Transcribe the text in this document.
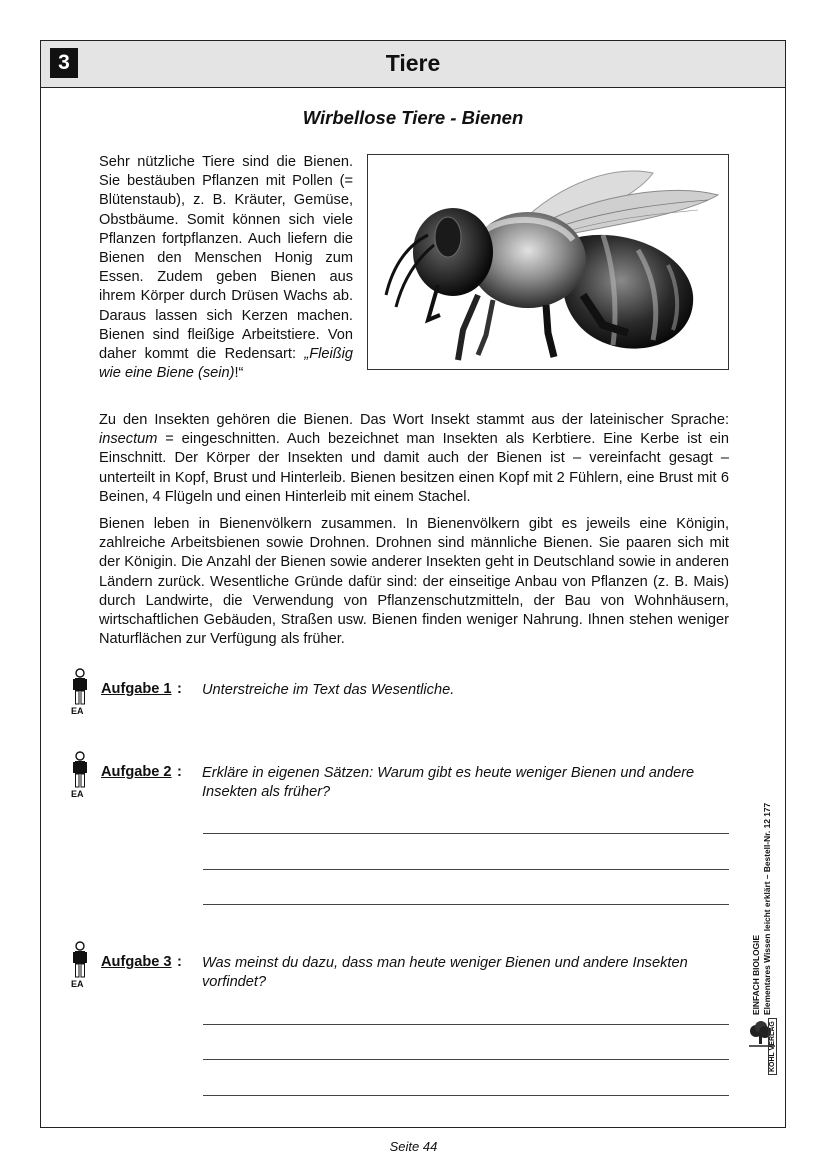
3	Tiere
Wirbellose Tiere - Bienen

Sehr nützliche Tiere sind die Bienen. Sie bestäuben Pflanzen mit Pollen (= Blütenstaub), z. B. Kräuter, Gemüse, Obstbäume. Somit können sich viele Pflanzen fortpflanzen. Auch liefern die Bienen den Menschen Honig zum Essen. Zudem geben Bienen aus ihrem Körper durch Drüsen Wachs ab. Daraus lassen sich Kerzen machen. Bienen sind fleißige Arbeitstiere. Von daher kommt die Redensart: „Fleißig wie eine Biene (sein)!“

Zu den Insekten gehören die Bienen. Das Wort Insekt stammt aus der lateinischer Sprache: insectum = eingeschnitten. Auch bezeichnet man Insekten als Kerbtiere. Eine Kerbe ist ein Einschnitt. Der Körper der Insekten und damit auch der Bienen ist – vereinfacht gesagt – unterteilt in Kopf, Brust und Hinterleib. Bienen besitzen einen Kopf mit 2 Fühlern, eine Brust mit 6 Beinen, 4 Flügeln und einen Hinterleib mit einem Stachel.

Bienen leben in Bienenvölkern zusammen. In Bienenvölkern gibt es jeweils eine Königin, zahlreiche Arbeitsbienen sowie Drohnen. Drohnen sind männliche Bienen. Sie paaren sich mit der Königin. Die Anzahl der Bienen sowie anderer Insekten geht in Deutschland sowie in anderen Ländern zurück. Wesentliche Gründe dafür sind: der einseitige Anbau von Pflanzen (z. B. Mais) durch Landwirte, die Verwendung von Pflanzenschutzmitteln, der Bau von Wohnhäusern, wirtschaftlichen Gebäuden, Straßen usw. Bienen finden weniger Nahrung. Ihnen stehen weniger Naturflächen zur Verfügung als früher.

EA
Aufgabe 1 : Unterstreiche im Text das Wesentliche.
EA
Aufgabe 2 : Erkläre in eigenen Sätzen: Warum gibt es heute weniger Bienen und andere Insekten als früher?
EA
Aufgabe 3 : Was meinst du dazu, dass man heute weniger Bienen und andere Insekten vorfindet?	EINFACH BIOLOGIE Elementares Wissen leicht erklärt – Bestell-Nr. 12 177
KOHL VERLAG
Seite 44
